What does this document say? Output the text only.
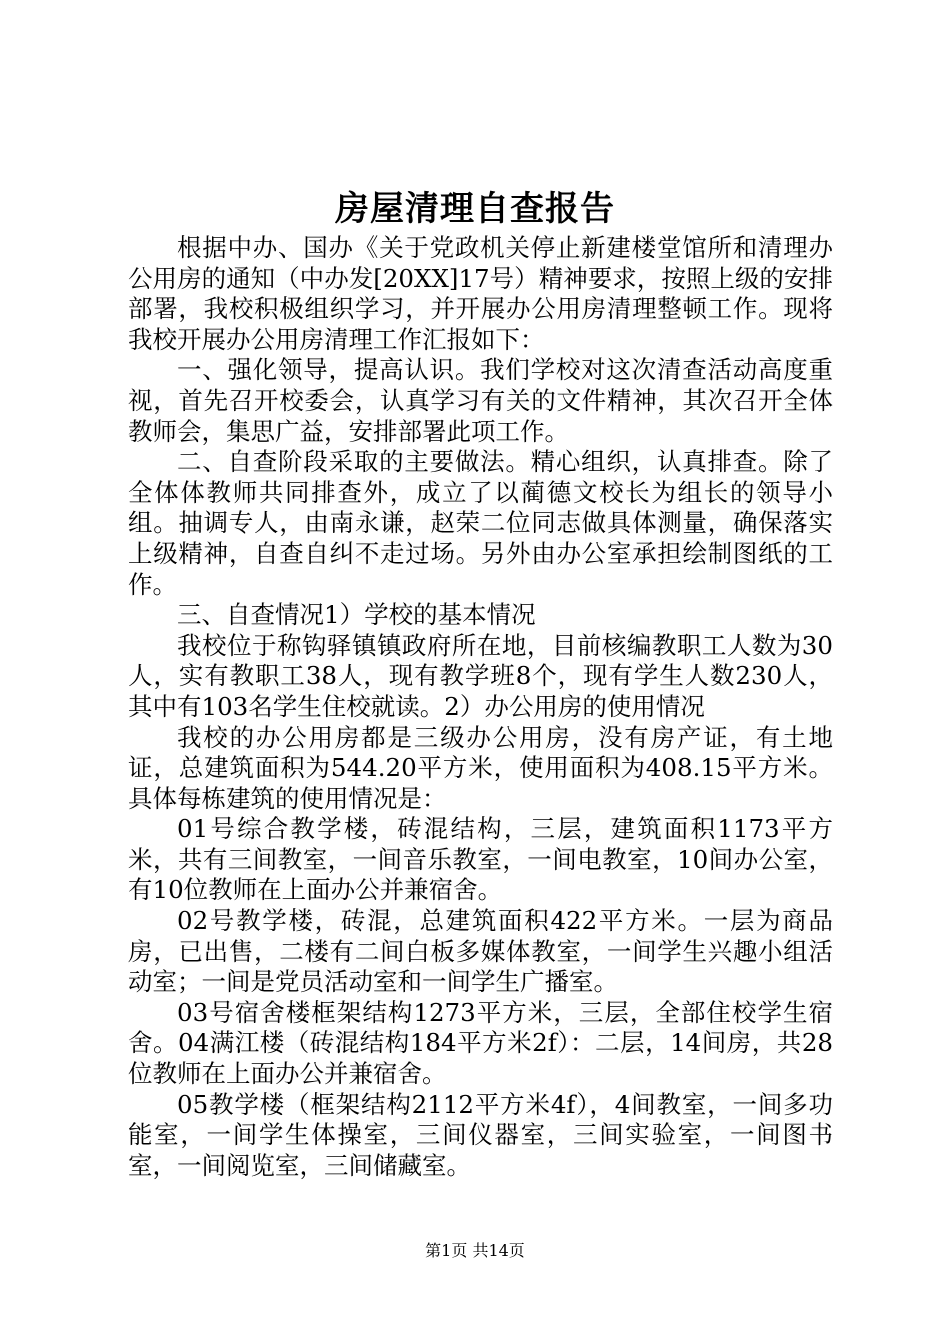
房屋清理自查报告

根据中办、国办《关于党政机关停止新建楼堂馆所和清理办公用房的通知（中办发[20XX]17号）精神要求，按照上级的安排部署，我校积极组织学习，并开展办公用房清理整顿工作。现将我校开展办公用房清理工作汇报如下：

一、强化领导，提高认识。我们学校对这次清查活动高度重视，首先召开校委会，认真学习有关的文件精神，其次召开全体教师会，集思广益，安排部署此项工作。

二、自查阶段采取的主要做法。精心组织，认真排查。除了全体体教师共同排查外，成立了以蔺德文校长为组长的领导小组。抽调专人，由南永谦，赵荣二位同志做具体测量，确保落实上级精神，自查自纠不走过场。另外由办公室承担绘制图纸的工作。

三、自查情况1）学校的基本情况

我校位于称钩驿镇镇政府所在地，目前核编教职工人数为30人，实有教职工38人，现有教学班8个，现有学生人数230人，其中有103名学生住校就读。2）办公用房的使用情况

我校的办公用房都是三级办公用房，没有房产证，有土地证，总建筑面积为544.20平方米，使用面积为408.15平方米。具体每栋建筑的使用情况是：

01号综合教学楼，砖混结构，三层，建筑面积1173平方米，共有三间教室，一间音乐教室，一间电教室，10间办公室，有10位教师在上面办公并兼宿舍。

02号教学楼，砖混，总建筑面积422平方米。一层为商品房，已出售，二楼有二间白板多媒体教室，一间学生兴趣小组活动室；一间是党员活动室和一间学生广播室。

03号宿舍楼框架结构1273平方米，三层，全部住校学生宿舍。04满江楼（砖混结构184平方米2f）：二层，14间房，共28位教师在上面办公并兼宿舍。

05教学楼（框架结构2112平方米4f），4间教室，一间多功能室，一间学生体操室，三间仪器室，三间实验室，一间图书室，一间阅览室，三间储藏室。

第1页 共14页
